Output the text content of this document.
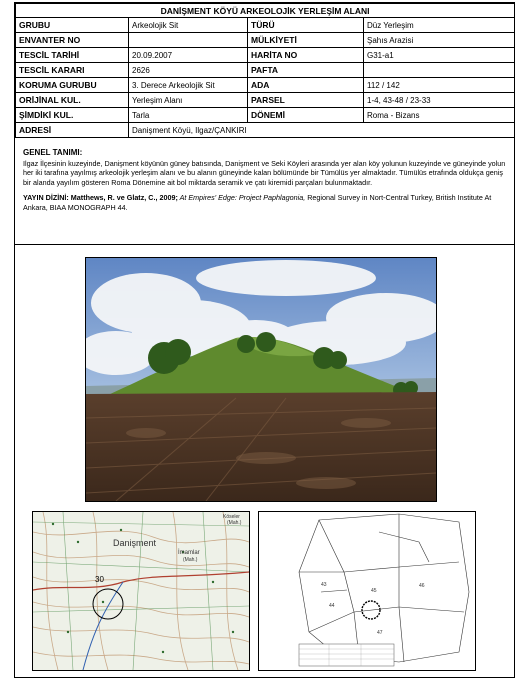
DANİŞMENT KÖYÜ ARKEOLOJİK YERLEŞİM ALANI			
GRUBU	Arkeolojik Sit	TÜRÜ	Düz Yerleşim
ENVANTER NO		MÜLKİYETİ	Şahıs Arazisi
TESCİL TARİHİ	20.09.2007	HARİTA NO	G31-a1
TESCİL KARARI	2626	PAFTA	
KORUMA GURUBU	3. Derece Arkeolojik Sit	ADA	112 / 142
ORİJİNAL KUL.	Yerleşim Alanı	PARSEL	1-4, 43-48 / 23-33
ŞİMDİKİ KUL.	Tarla	DÖNEMİ	Roma - Bizans
ADRESİ	Danişment Köyü, Ilgaz/ÇANKIRI		
GENEL TANIMI:

Ilgaz İlçesinin kuzeyinde, Danişment köyünün güney batısında, Danişment ve Seki Köyleri arasında yer alan köy yolunun kuzeyinde ve güneyinde yolun her iki tarafına yayılmış arkeolojik yerleşim alanı ve bu alanın güneyinde kalan bölümünde bir Tümülüs yer almaktadır. Tümülüs etrafında oldukça geniş bir alanda yayılım gösteren Roma Dönemine ait bol miktarda seramik ve çatı kiremidi parçaları bulunmaktadır.

YAYIN DİZİNİ: Matthews, R. ve Glatz, C., 2009; At Empires' Edge: Project Paphlagonia, Regional Survey in Nort-Central Turkey, British Institute At Ankara, BIAA MONOGRAPH 44.

Danişment
İmamlar
(Mah.)
Köseler
(Mah.)
30
43
44
45
46
47
